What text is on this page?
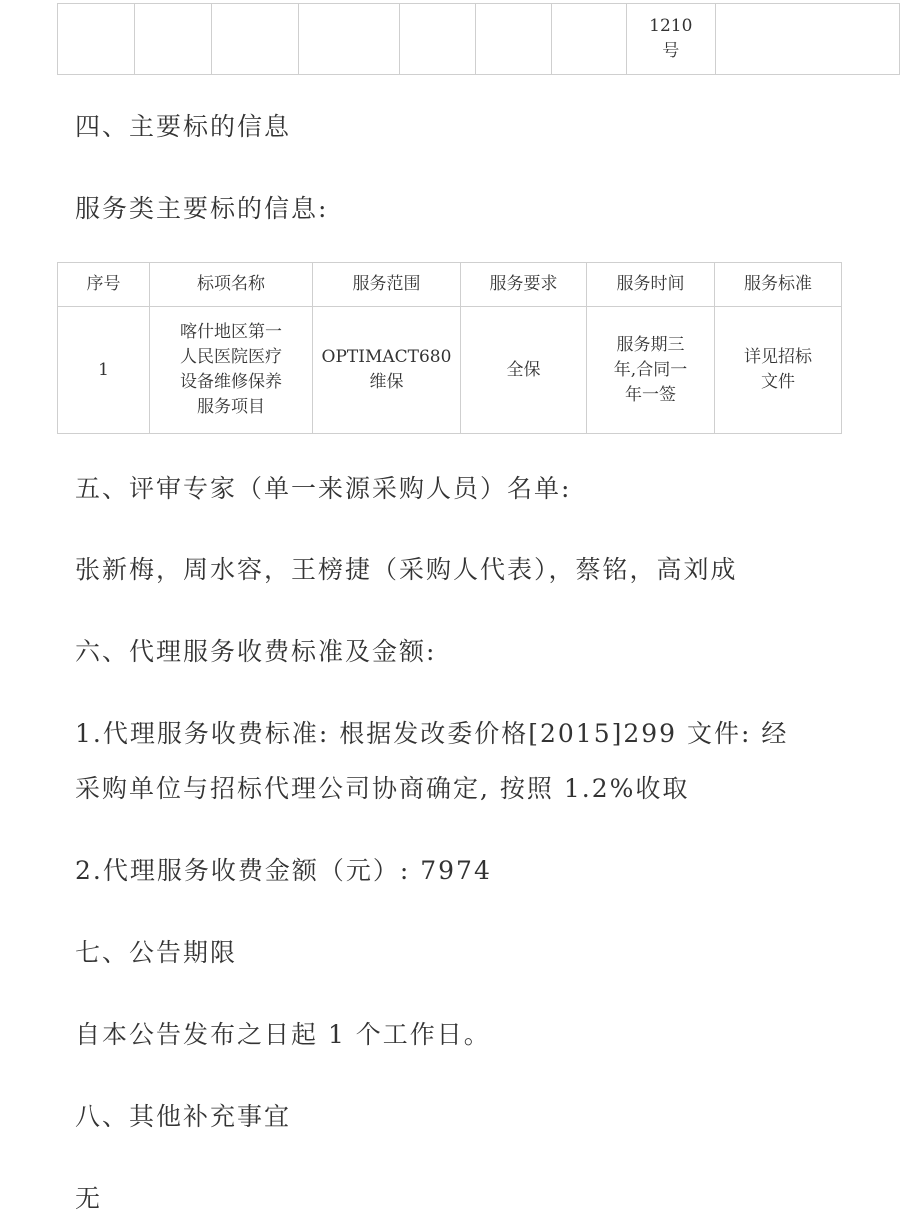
							1210
号	
四、主要标的信息
服务类主要标的信息:
序号	标项名称	服务范围	服务要求	服务时间	服务标准
1	喀什地区第一
人民医院医疗
设备维修保养
服务项目	OPTIMACT680
维保	全保	服务期三
年,合同一
年一签	详见招标
文件
五、评审专家（单一来源采购人员）名单:
张新梅，周水容，王榜捷（采购人代表），蔡铭，高刘成
六、代理服务收费标准及金额:
1.代理服务收费标准: 根据发改委价格[2015]299 文件: 经
采购单位与招标代理公司协商确定, 按照 1.2%收取
2.代理服务收费金额（元）: 7974
七、公告期限
自本公告发布之日起 1 个工作日。
八、其他补充事宜
无
